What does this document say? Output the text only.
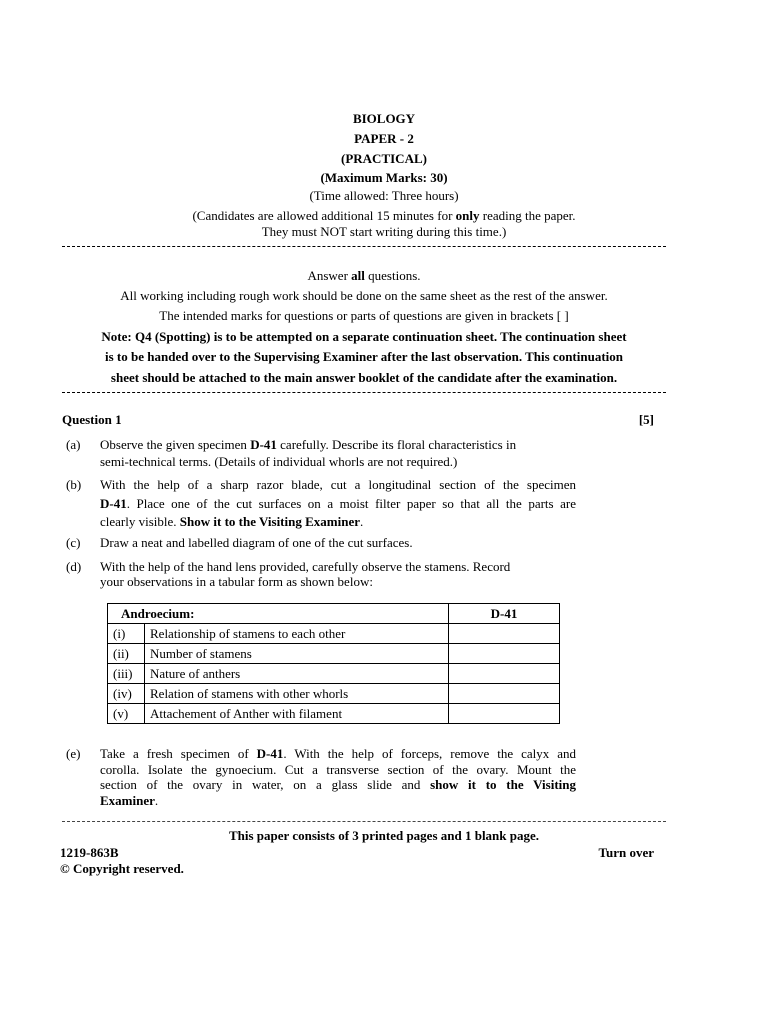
BIOLOGY
PAPER - 2
(PRACTICAL)
(Maximum Marks: 30)
(Time allowed: Three hours)
(Candidates are allowed additional 15 minutes for only reading the paper.
They must NOT start writing during this time.)
Answer all questions.
All working including rough work should be done on the same sheet as the rest of the answer.
The intended marks for questions or parts of questions are given in brackets [ ]
Note: Q4 (Spotting) is to be attempted on a separate continuation sheet. The continuation sheet
is to be handed over to the Supervising Examiner after the last observation. This continuation
sheet should be attached to the main answer booklet of the candidate after the examination.
Question 1	[5]
(a)	Observe the given specimen D-41 carefully. Describe its floral characteristics in
semi-technical terms. (Details of individual whorls are not required.)
(b)	With the help of a sharp razor blade, cut a longitudinal section of the specimen
D-41. Place one of the cut surfaces on a moist filter paper so that all the parts are
clearly visible. Show it to the Visiting Examiner.
(c)	Draw a neat and labelled diagram of one of the cut surfaces.
(d)	With the help of the hand lens provided, carefully observe the stamens. Record
your observations in a tabular form as shown below:
Androecium:		D-41
(i)	Relationship of stamens to each other	
(ii)	Number of stamens	
(iii)	Nature of anthers	
(iv)	Relation of stamens with other whorls	
(v)	Attachement of Anther with filament	
(e)	Take a fresh specimen of D-41. With the help of forceps, remove the calyx and
corolla. Isolate the gynoecium. Cut a transverse section of the ovary. Mount the
section of the ovary in water, on a glass slide and show it to the Visiting
Examiner.
This paper consists of 3 printed pages and 1 blank page.
1219-863B	Turn over
© Copyright reserved.
